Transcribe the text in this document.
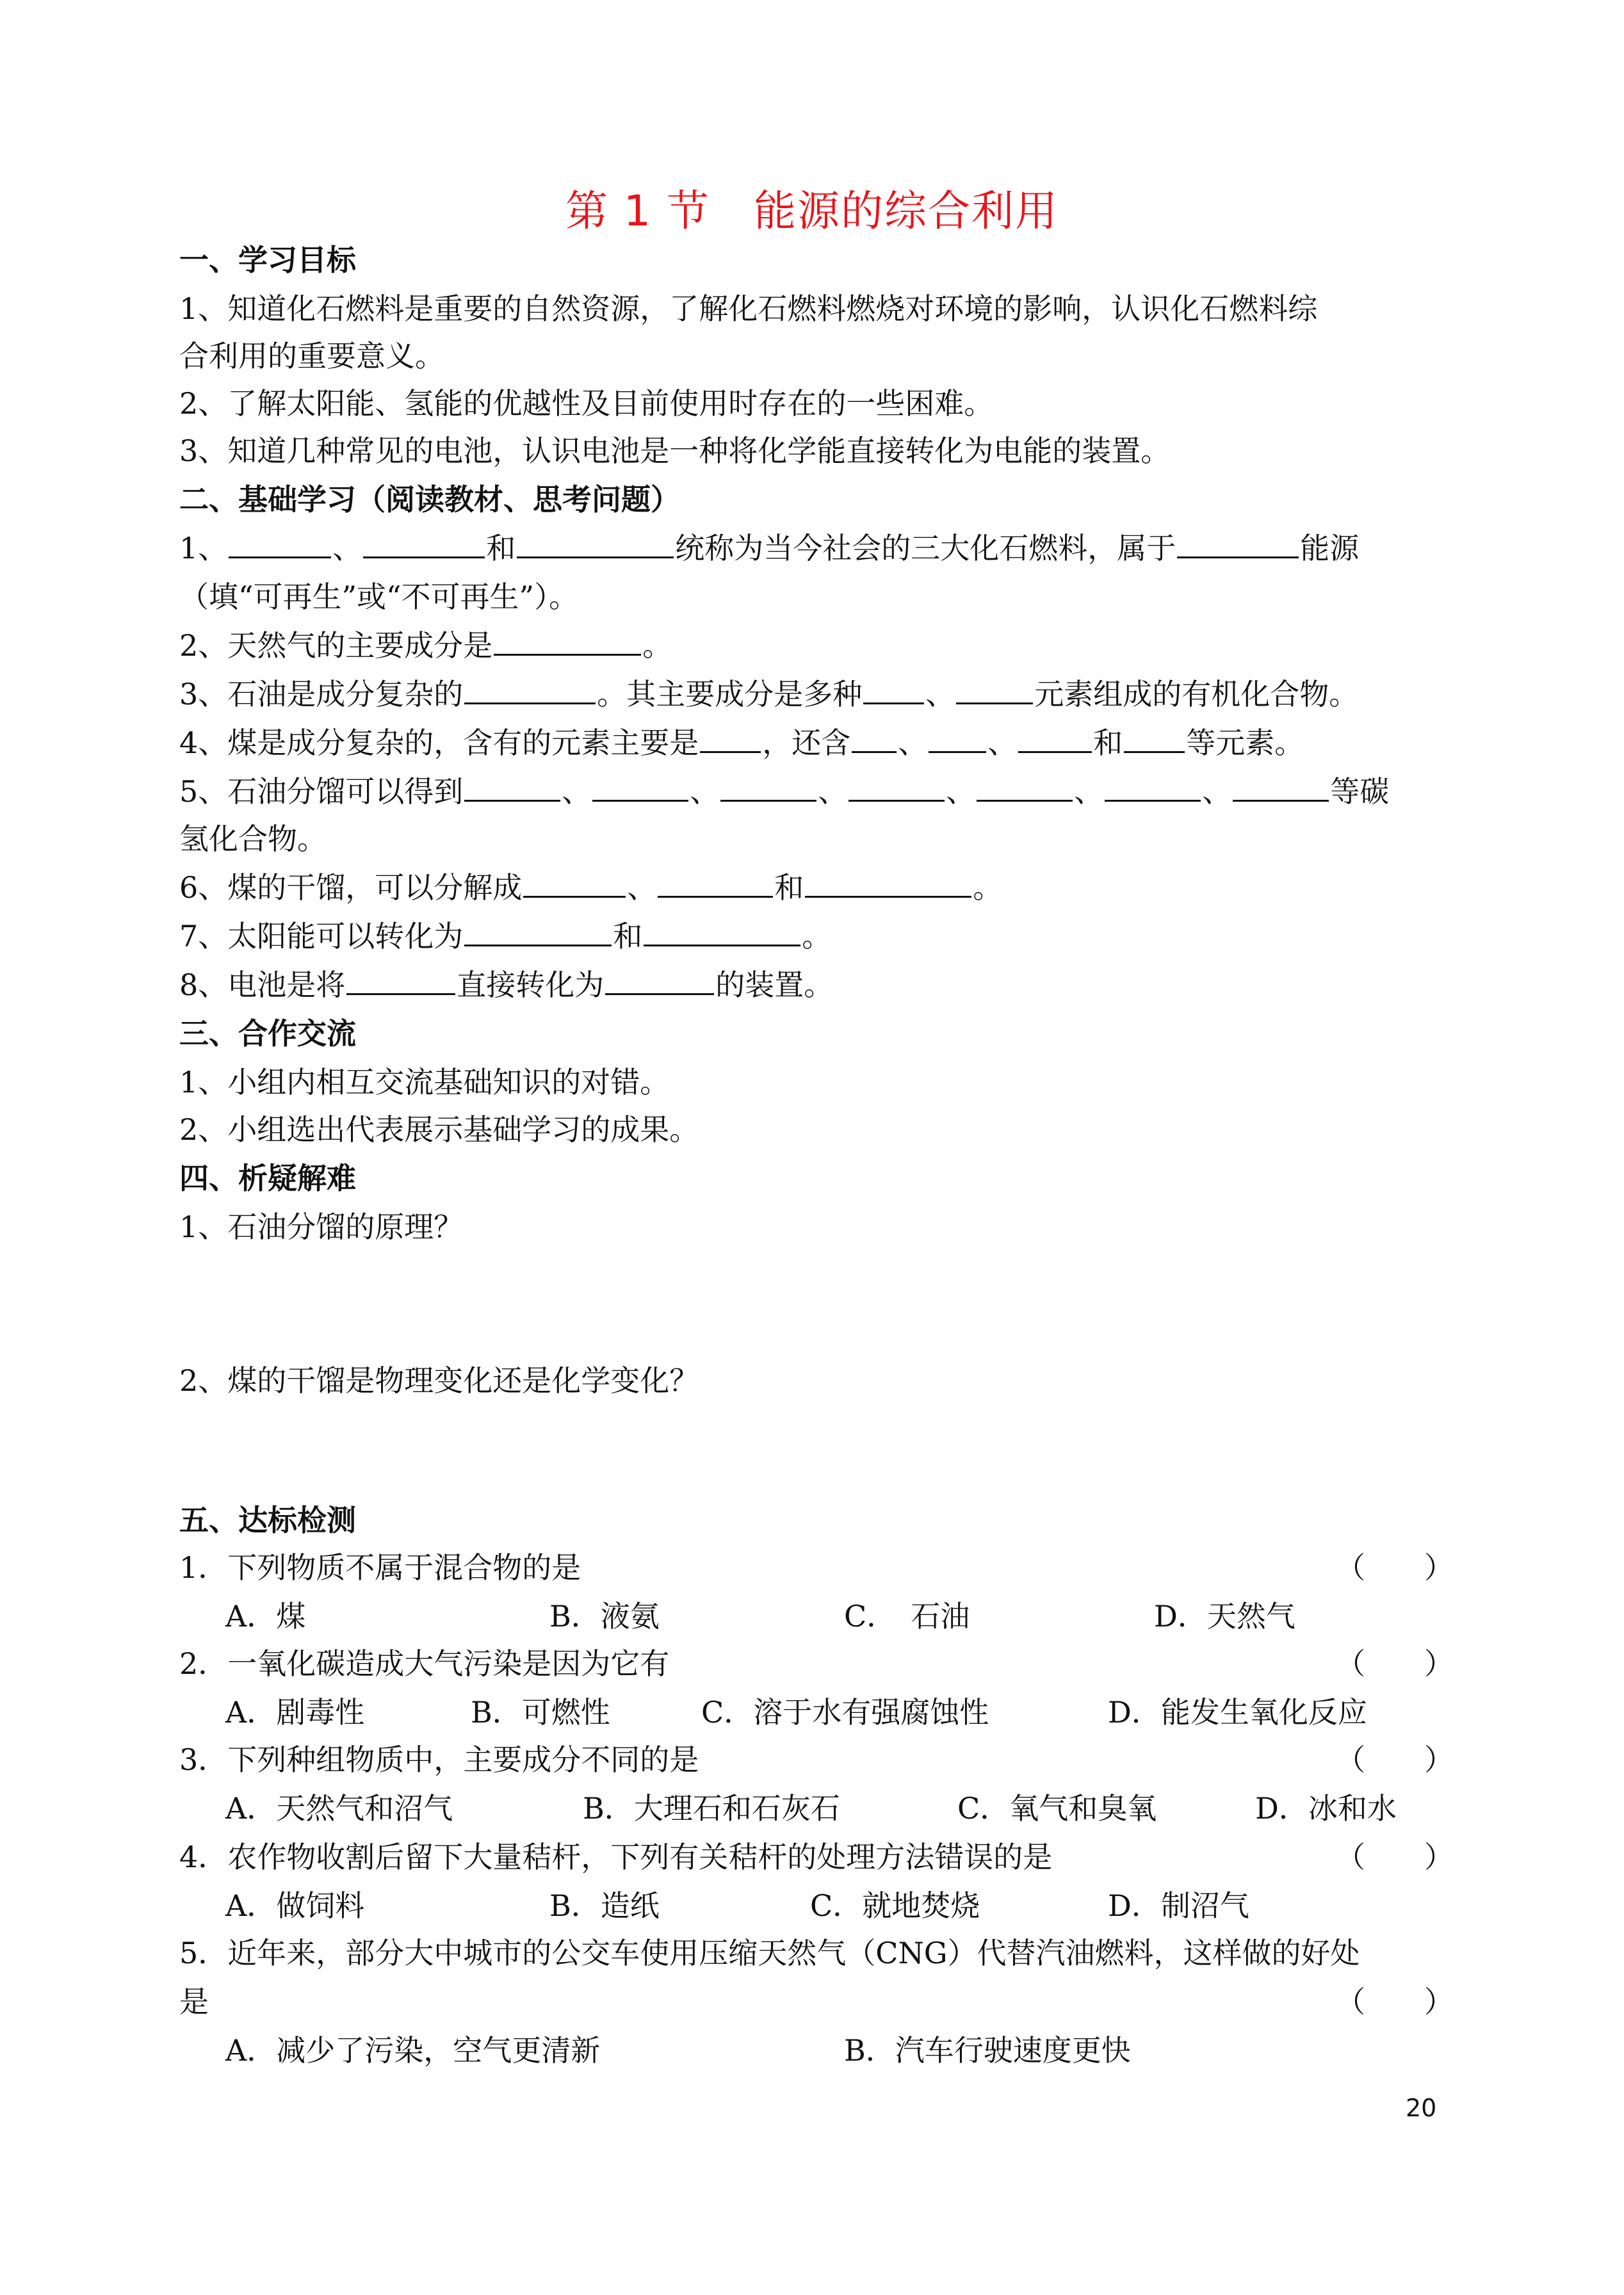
第 1 节　能源的综合利用
一、学习目标
1、知道化石燃料是重要的自然资源，了解化石燃料燃烧对环境的影响，认识化石燃料综
合利用的重要意义。
2、了解太阳能、氢能的优越性及目前使用时存在的一些困难。
3、知道几种常见的电池，认识电池是一种将化学能直接转化为电能的装置。
二、基础学习（阅读教材、思考问题）
1、	、	和	统称为当今社会的三大化石燃料，属于	能源
（填“可再生”或“不可再生”）。
2、天然气的主要成分是	。
3、石油是成分复杂的	。其主要成分是多种 、	元素组成的有机化合物。
4、煤是成分复杂的，含有的元素主要是 ，还含 、 、	和 等元素。
5、石油分馏可以得到	、	、	、	、	、	、	等碳
氢化合物。
6、煤的干馏，可以分解成	、	和	。
7、太阳能可以转化为	和	。
8、电池是将	直接转化为	的装置。
三、合作交流
1、小组内相互交流基础知识的对错。
2、小组选出代表展示基础学习的成果。
四、析疑解难
1、石油分馏的原理？
2、煤的干馏是物理变化还是化学变化？
五、达标检测
1．下列物质不属于混合物的是	（　　）
A．煤	B．液氨	C．　石油	D．天然气
2．一氧化碳造成大气污染是因为它有	（　　）
A．剧毒性	B．可燃性	C．溶于水有强腐蚀性	D．能发生氧化反应
3．下列种组物质中，主要成分不同的是	（　　）
A．天然气和沼气	B．大理石和石灰石	C．氧气和臭氧	D．冰和水
4．农作物收割后留下大量秸杆，下列有关秸杆的处理方法错误的是	（　　）
A．做饲料	B．造纸	C．就地焚烧	D．制沼气
5．近年来，部分大中城市的公交车使用压缩天然气（CNG）代替汽油燃料，这样做的好处
是	（　　）
A．减少了污染，空气更清新	B．汽车行驶速度更快
20
